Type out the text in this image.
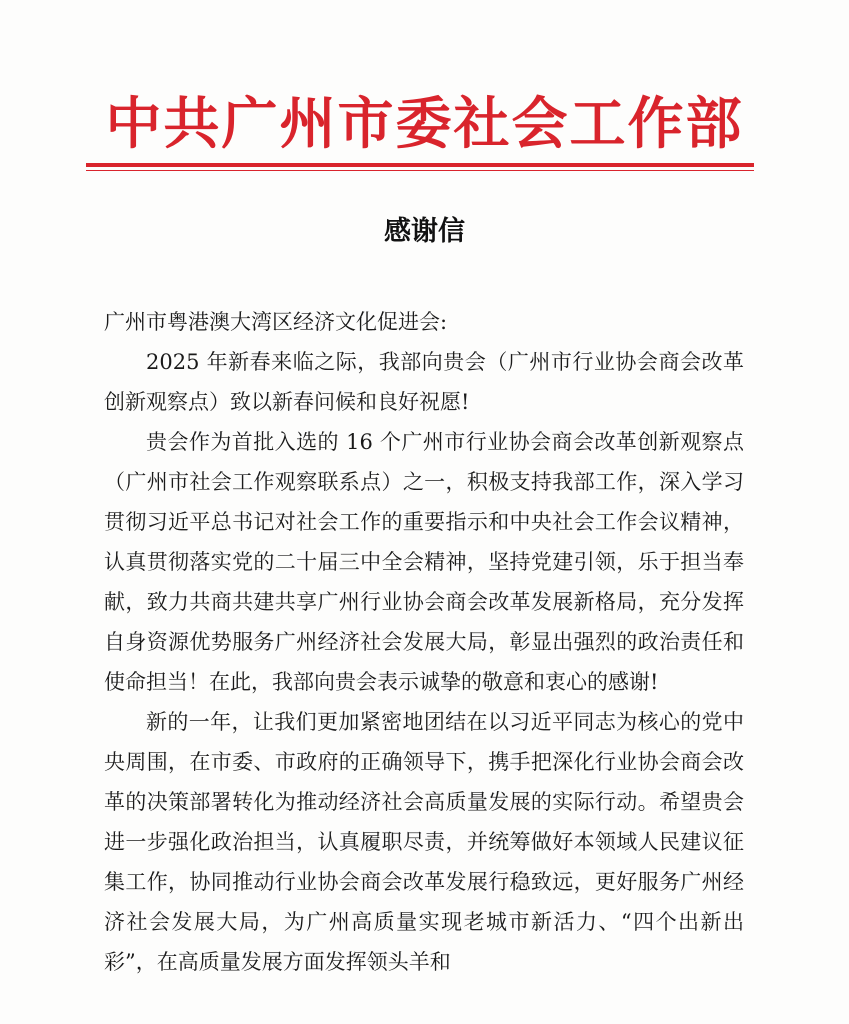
中共广州市委社会工作部
感谢信

广州市粤港澳大湾区经济文化促进会:

2025 年新春来临之际，我部向贵会（广州市行业协会商会改革创新观察点）致以新春问候和良好祝愿!

贵会作为首批入选的 16 个广州市行业协会商会改革创新观察点（广州市社会工作观察联系点）之一，积极支持我部工作，深入学习贯彻习近平总书记对社会工作的重要指示和中央社会工作会议精神，认真贯彻落实党的二十届三中全会精神，坚持党建引领，乐于担当奉献，致力共商共建共享广州行业协会商会改革发展新格局，充分发挥自身资源优势服务广州经济社会发展大局，彰显出强烈的政治责任和使命担当！在此，我部向贵会表示诚挚的敬意和衷心的感谢!

新的一年，让我们更加紧密地团结在以习近平同志为核心的党中央周围，在市委、市政府的正确领导下，携手把深化行业协会商会改革的决策部署转化为推动经济社会高质量发展的实际行动。希望贵会进一步强化政治担当，认真履职尽责，并统筹做好本领域人民建议征集工作，协同推动行业协会商会改革发展行稳致远，更好服务广州经济社会发展大局，为广州高质量实现老城市新活力、“四个出新出彩”，在高质量发展方面发挥领头羊和
